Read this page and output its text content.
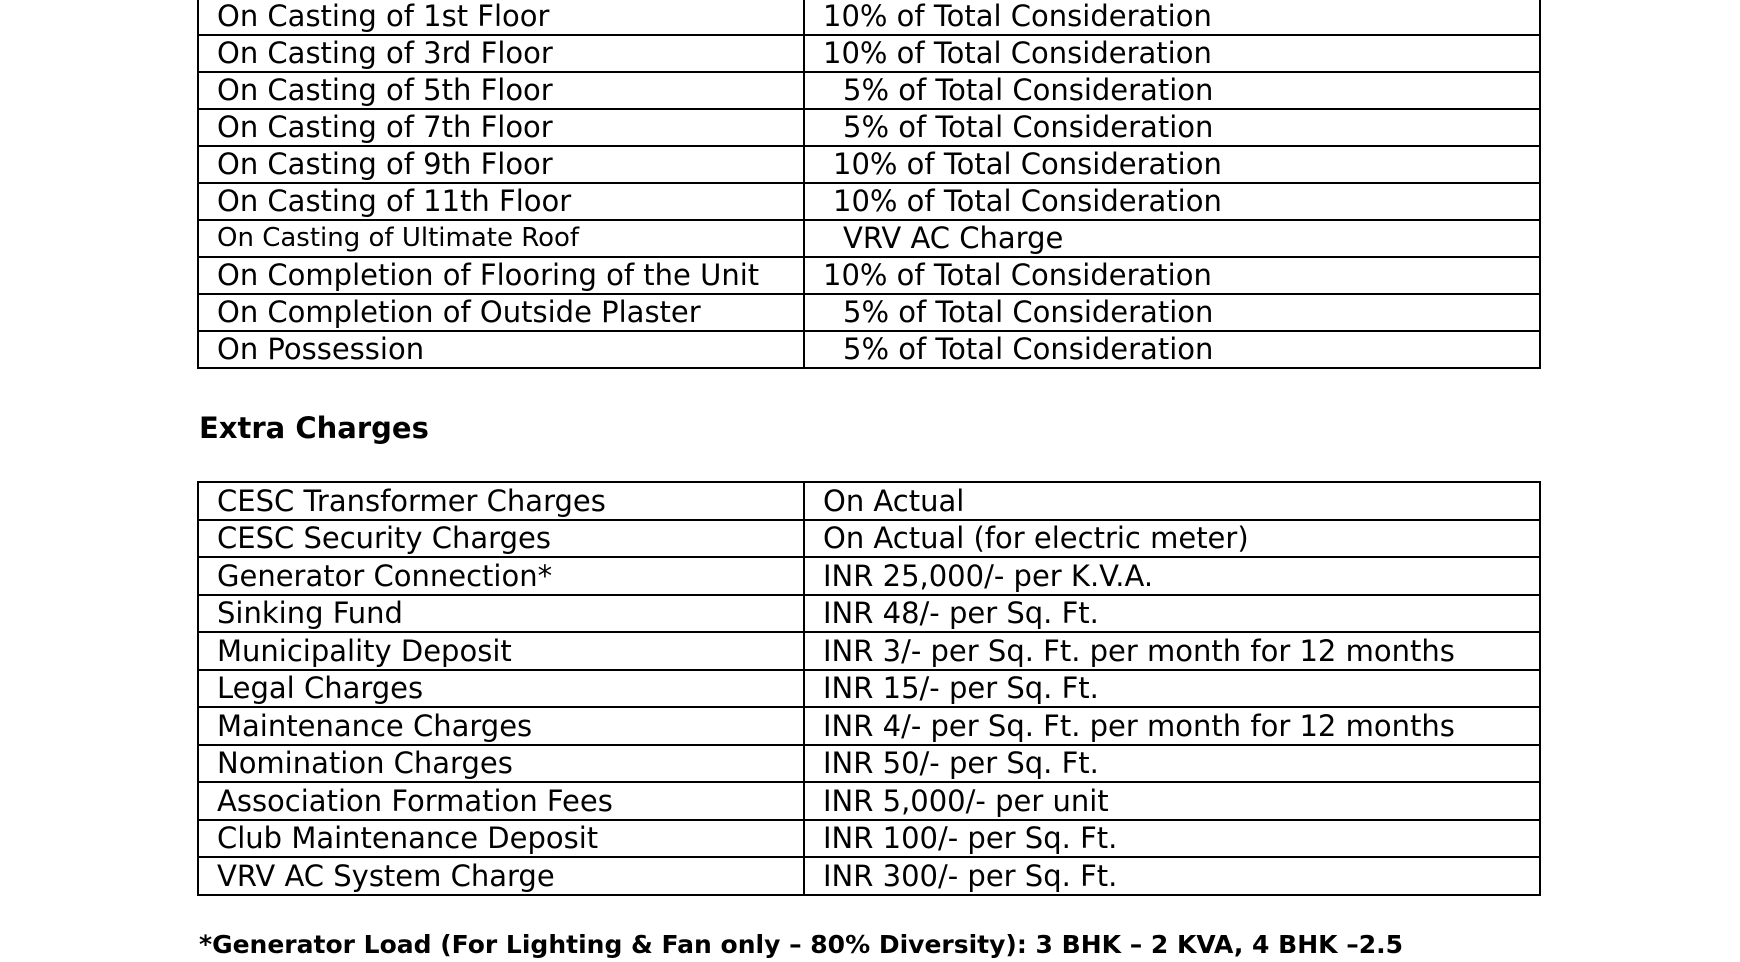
On Casting of 1st Floor	10% of Total Consideration
On Casting of 3rd Floor	10% of Total Consideration
On Casting of 5th Floor	5% of Total Consideration
On Casting of 7th Floor	5% of Total Consideration
On Casting of 9th Floor	10% of Total Consideration
On Casting of 11th Floor	10% of Total Consideration
On Casting of Ultimate Roof	VRV AC Charge
On Completion of Flooring of the Unit	10% of Total Consideration
On Completion of Outside Plaster	5% of Total Consideration
On Possession	5% of Total Consideration
Extra Charges
CESC Transformer Charges	On Actual
CESC Security Charges	On Actual (for electric meter)
Generator Connection*	INR 25,000/- per K.V.A.
Sinking Fund	INR 48/- per Sq. Ft.
Municipality Deposit	INR 3/- per Sq. Ft. per month for 12 months
Legal Charges	INR 15/- per Sq. Ft.
Maintenance Charges	INR 4/- per Sq. Ft. per month for 12 months
Nomination Charges	INR 50/- per Sq. Ft.
Association Formation Fees	INR 5,000/- per unit
Club Maintenance Deposit	INR 100/- per Sq. Ft.
VRV AC System Charge	INR 300/- per Sq. Ft.

*Generator Load (For Lighting & Fan only – 80% Diversity): 3 BHK – 2 KVA, 4 BHK –2.5
